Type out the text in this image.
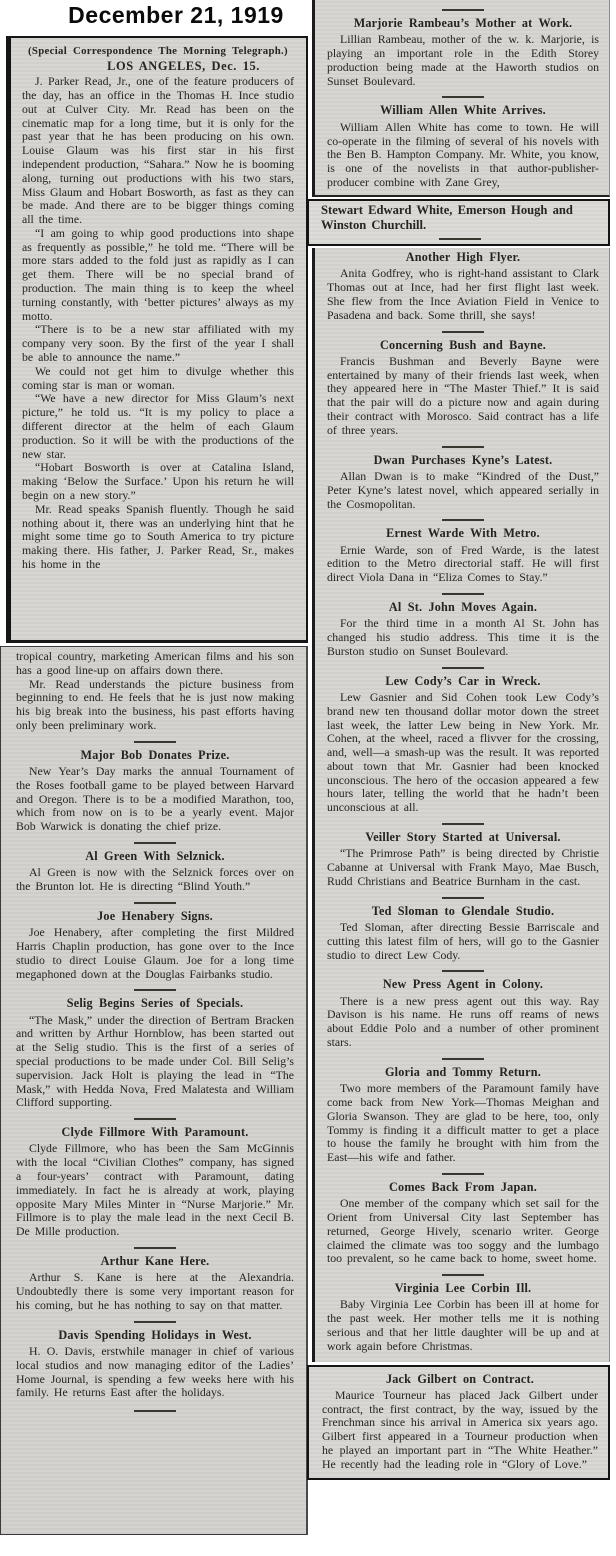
December 21, 1919

(Special Correspondence The Morning Telegraph.)

LOS ANGELES, Dec. 15.

J. Parker Read, Jr., one of the feature producers of the day, has an office in the Thomas H. Ince studio out at Culver City. Mr. Read has been on the cinematic map for a long time, but it is only for the past year that he has been producing on his own. Louise Glaum was his first star in his first independent production, “Sahara.” Now he is booming along, turning out productions with his two stars, Miss Glaum and Hobart Bosworth, as fast as they can be made. And there are to be bigger things coming all the time.

“I am going to whip good productions into shape as frequently as possible,” he told me. “There will be more stars added to the fold just as rapidly as I can get them. There will be no special brand of production. The main thing is to keep the wheel turning constantly, with ‘better pictures’ always as my motto.

“There is to be a new star affiliated with my company very soon. By the first of the year I shall be able to announce the name.”

We could not get him to divulge whether this coming star is man or woman.

“We have a new director for Miss Glaum’s next picture,” he told us. “It is my policy to place a different director at the helm of each Glaum production. So it will be with the productions of the new star.

“Hobart Bosworth is over at Catalina Island, making ‘Below the Surface.’ Upon his return he will begin on a new story.”

Mr. Read speaks Spanish fluently. Though he said nothing about it, there was an underlying hint that he might some time go to South America to try picture making there. His father, J. Parker Read, Sr., makes his home in the

tropical country, marketing American films and his son has a good line-up on affairs down there.

Mr. Read understands the picture business from beginning to end. He feels that he is just now making his big break into the business, his past efforts having only been preliminary work.

Major Bob Donates Prize.

New Year’s Day marks the annual Tournament of the Roses football game to be played between Harvard and Oregon. There is to be a modified Marathon, too, which from now on is to be a yearly event. Major Bob Warwick is donating the chief prize.

Al Green With Selznick.

Al Green is now with the Selznick forces over on the Brunton lot. He is directing “Blind Youth.”

Joe Henabery Signs.

Joe Henabery, after completing the first Mildred Harris Chaplin production, has gone over to the Ince studio to direct Louise Glaum. Joe for a long time megaphoned down at the Douglas Fairbanks studio.

Selig Begins Series of Specials.

“The Mask,” under the direction of Bertram Bracken and written by Arthur Hornblow, has been started out at the Selig studio. This is the first of a series of special productions to be made under Col. Bill Selig’s supervision. Jack Holt is playing the lead in “The Mask,” with Hedda Nova, Fred Malatesta and William Clifford supporting.

Clyde Fillmore With Paramount.

Clyde Fillmore, who has been the Sam McGinnis with the local “Civilian Clothes” company, has signed a four-years’ contract with Paramount, dating immediately. In fact he is already at work, playing opposite Mary Miles Minter in “Nurse Marjorie.” Mr. Fillmore is to play the male lead in the next Cecil B. De Mille production.

Arthur Kane Here.

Arthur S. Kane is here at the Alexandria. Undoubtedly there is some very important reason for his coming, but he has nothing to say on that matter.

Davis Spending Holidays in West.

H. O. Davis, erstwhile manager in chief of various local studios and now managing editor of the Ladies’ Home Journal, is spending a few weeks here with his family. He returns East after the holidays.

Marjorie Rambeau’s Mother at Work.

Lillian Rambeau, mother of the w. k. Marjorie, is playing an important role in the Edith Storey production being made at the Haworth studios on Sunset Boulevard.

William Allen White Arrives.

William Allen White has come to town. He will co-operate in the filming of several of his novels with the Ben B. Hampton Company. Mr. White, you know, is one of the novelists in that author-publisher-producer combine with Zane Grey,

Stewart Edward White, Emerson Hough and Winston Churchill.
Another High Flyer.

Anita Godfrey, who is right-hand assistant to Clark Thomas out at Ince, had her first flight last week. She flew from the Ince Aviation Field in Venice to Pasadena and back. Some thrill, she says!

Concerning Bush and Bayne.

Francis Bushman and Beverly Bayne were entertained by many of their friends last week, when they appeared here in “The Master Thief.” It is said that the pair will do a picture now and again during their contract with Morosco. Said contract has a life of three years.

Dwan Purchases Kyne’s Latest.

Allan Dwan is to make “Kindred of the Dust,” Peter Kyne’s latest novel, which appeared serially in the Cosmopolitan.

Ernest Warde With Metro.

Ernie Warde, son of Fred Warde, is the latest edition to the Metro directorial staff. He will first direct Viola Dana in “Eliza Comes to Stay.”

Al St. John Moves Again.

For the third time in a month Al St. John has changed his studio address. This time it is the Burston studio on Sunset Boulevard.

Lew Cody’s Car in Wreck.

Lew Gasnier and Sid Cohen took Lew Cody’s brand new ten thousand dollar motor down the street last week, the latter Lew being in New York. Mr. Cohen, at the wheel, raced a flivver for the crossing, and, well—a smash-up was the result. It was reported about town that Mr. Gasnier had been knocked unconscious. The hero of the occasion appeared a few hours later, telling the world that he hadn’t been unconscious at all.

Veiller Story Started at Universal.

“The Primrose Path” is being directed by Christie Cabanne at Universal with Frank Mayo, Mae Busch, Rudd Christians and Beatrice Burnham in the cast.

Ted Sloman to Glendale Studio.

Ted Sloman, after directing Bessie Barriscale and cutting this latest film of hers, will go to the Gasnier studio to direct Lew Cody.

New Press Agent in Colony.

There is a new press agent out this way. Ray Davison is his name. He runs off reams of news about Eddie Polo and a number of other prominent stars.

Gloria and Tommy Return.

Two more members of the Paramount family have come back from New York—Thomas Meighan and Gloria Swanson. They are glad to be here, too, only Tommy is finding it a difficult matter to get a place to house the family he brought with him from the East—his wife and father.

Comes Back From Japan.

One member of the company which set sail for the Orient from Universal City last September has returned, George Hively, scenario writer. George claimed the climate was too soggy and the lumbago too prevalent, so he came back to home, sweet home.

Virginia Lee Corbin Ill.

Baby Virginia Lee Corbin has been ill at home for the past week. Her mother tells me it is nothing serious and that her little daughter will be up and at work again before Christmas.

Jack Gilbert on Contract.

Maurice Tourneur has placed Jack Gilbert under contract, the first contract, by the way, issued by the Frenchman since his arrival in America six years ago. Gilbert first appeared in a Tourneur production when he played an important part in “The White Heather.” He recently had the leading role in “Glory of Love.”
